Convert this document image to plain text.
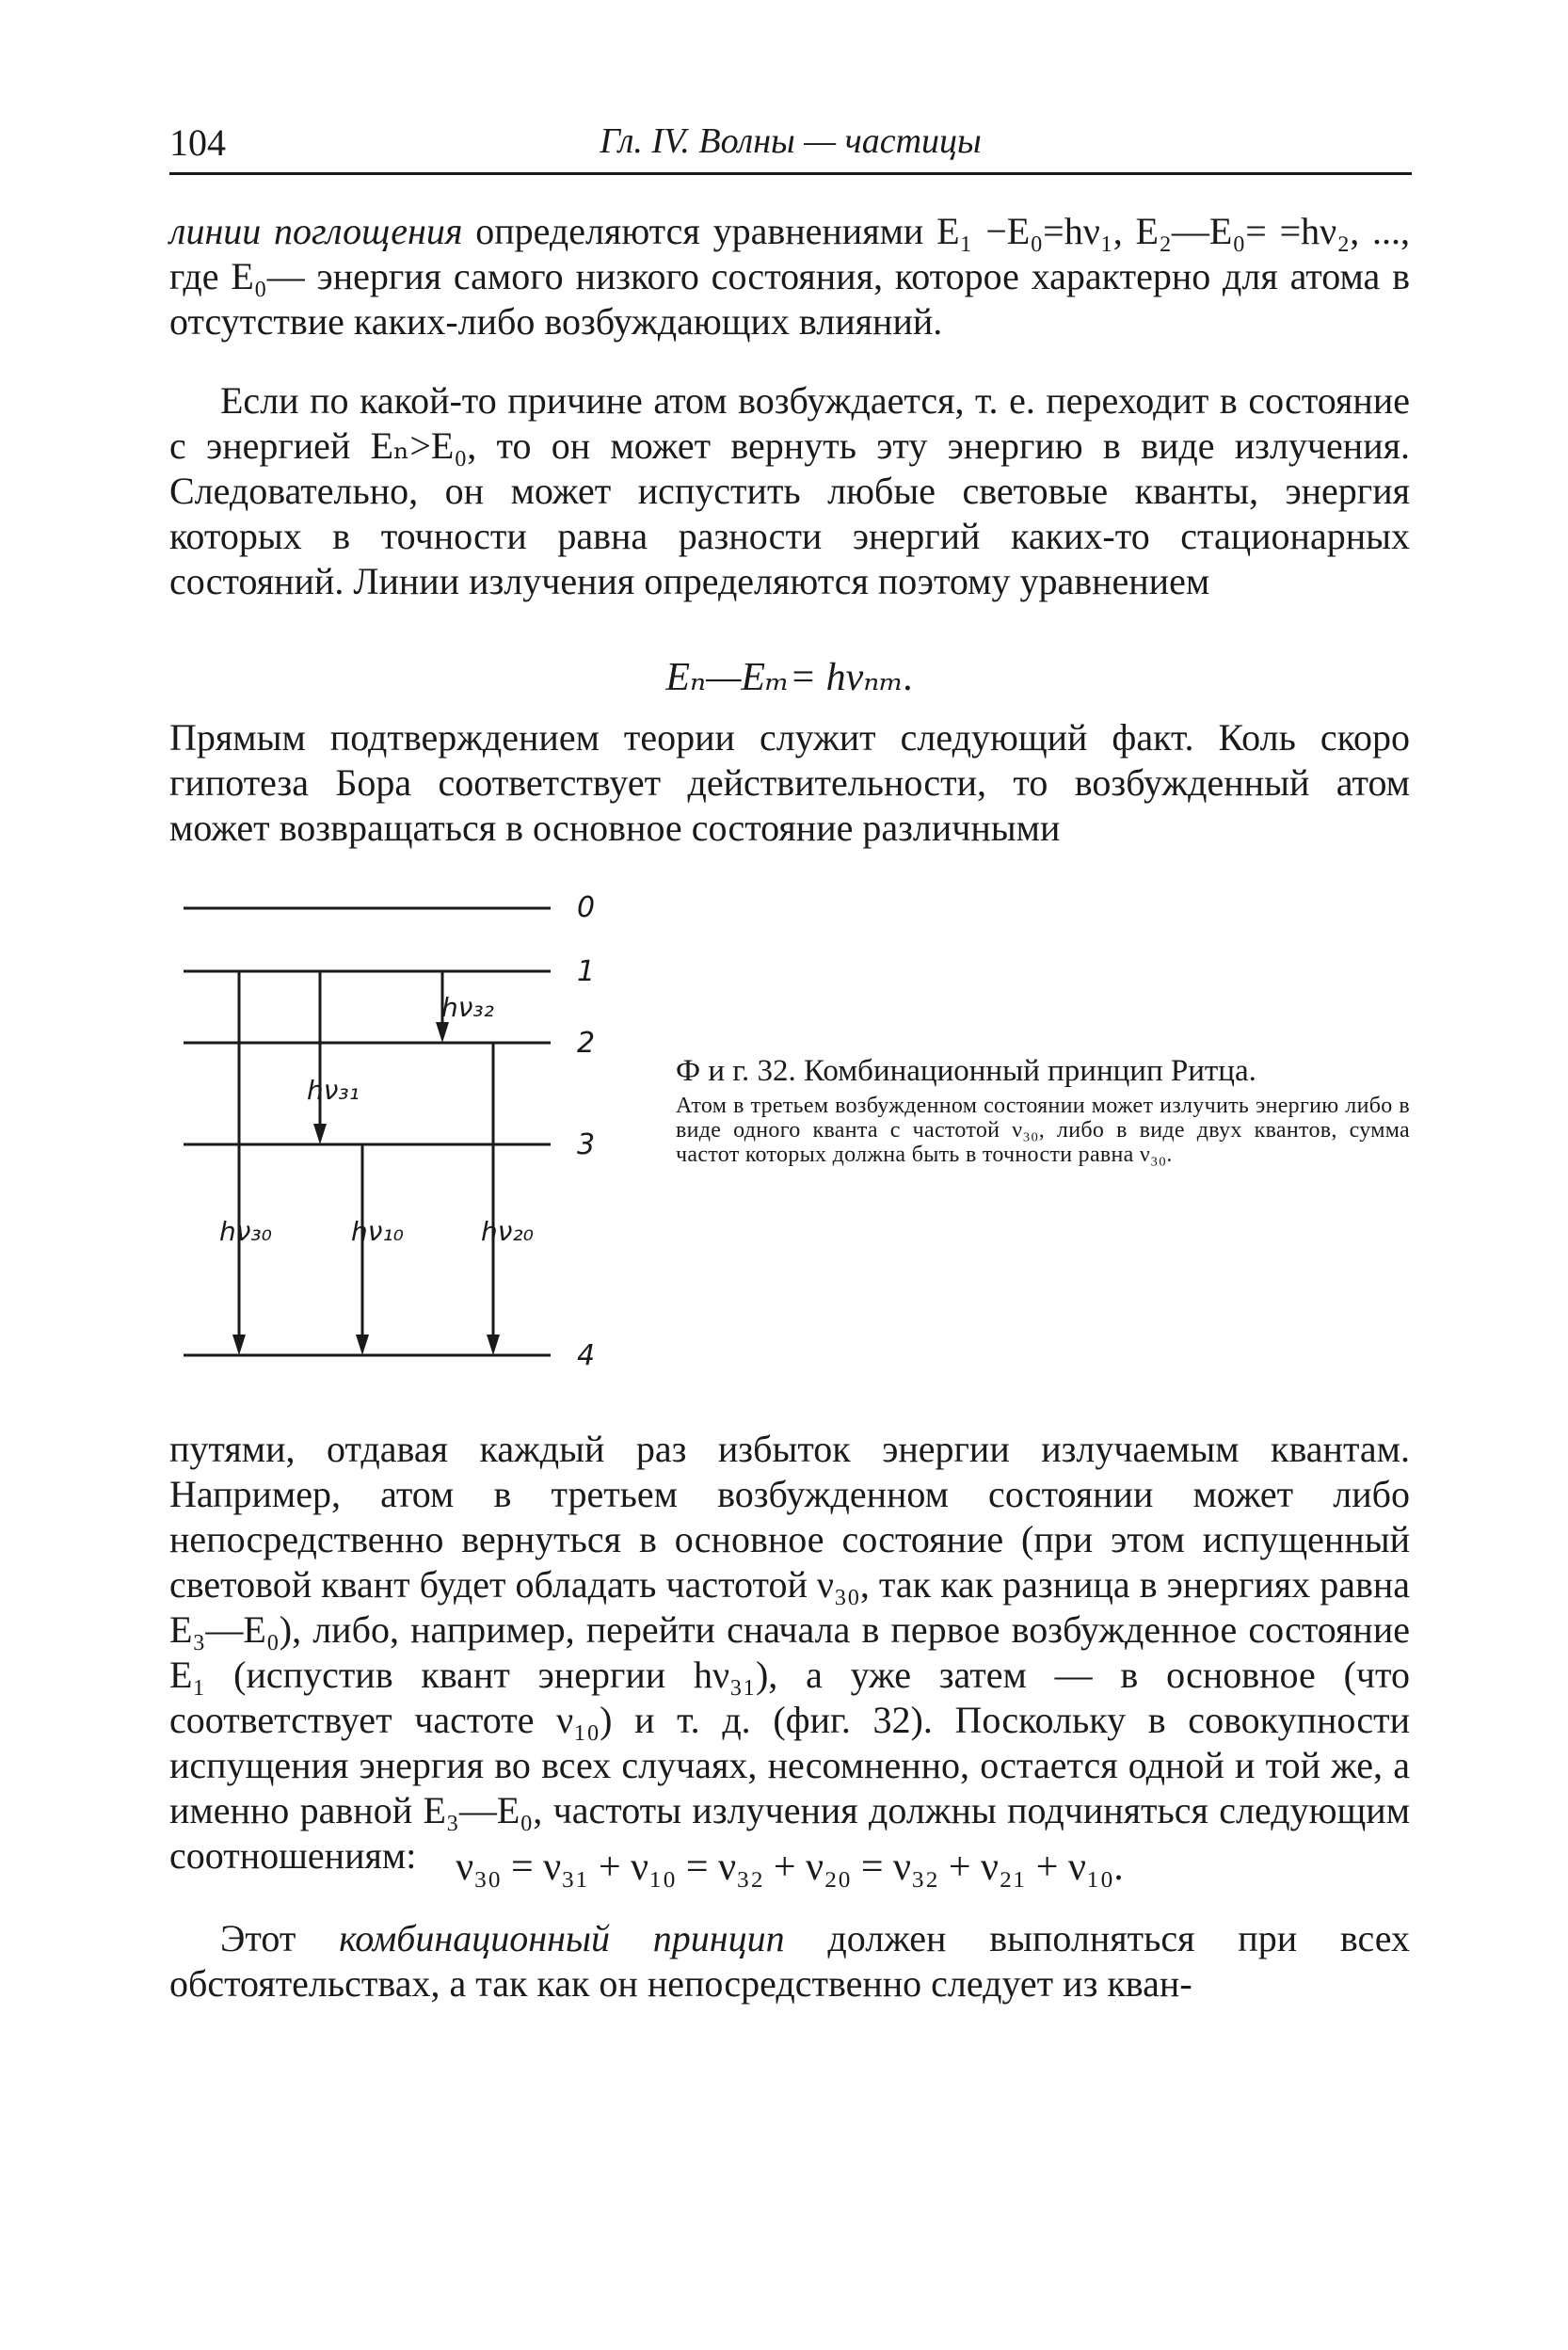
104	Гл. IV. Волны — частицы
линии поглощения определяются уравнениями E₁ −E₀=hν₁, E₂—E₀= =hν₂, ..., где E₀— энергия самого низкого состояния, которое характерно для атома в отсутствие каких-либо возбуждающих влияний.
Если по какой-то причине атом возбуждается, т. е. переходит в состояние с энергией Eₙ>E₀, то он может вернуть эту энергию в виде излучения. Следовательно, он может испустить любые световые кванты, энергия которых в точности равна разности энергий каких-то стационарных состояний. Линии излучения определяются поэтому уравнением
Eₙ—Eₘ= hνₙₘ.
Прямым подтверждением теории служит следующий факт. Коль скоро гипотеза Бора соответствует действительности, то возбужденный атом может возвращаться в основное состояние различными
0
1
2
3
4
hν₃₂
hν₃₁
hν₃₀	hν₁₀	hν₂₀
Ф и г. 32. Комбинационный принцип Ритца.
Атом в третьем возбужденном состоянии может излучить энергию либо в виде одного кванта с частотой ν₃₀, либо в виде двух квантов, сумма частот которых должна быть в точности равна ν₃₀.
путями, отдавая каждый раз избыток энергии излучаемым квантам. Например, атом в третьем возбужденном состоянии может либо непосредственно вернуться в основное состояние (при этом испущенный световой квант будет обладать частотой ν₃₀, так как разница в энергиях равна E₃—E₀), либо, например, перейти сначала в первое возбужденное состояние E₁ (испустив квант энергии hν₃₁), а уже затем — в основное (что соответствует частоте ν₁₀) и т. д. (фиг. 32). Поскольку в совокупности испущения энергия во всех случаях, несомненно, остается одной и той же, а именно равной E₃—E₀, частоты излучения должны подчиняться следующим соотношениям: ν₃₀ = ν₃₁ + ν₁₀ = ν₃₂ + ν₂₀ = ν₃₂ + ν₂₁ + ν₁₀.
Этот комбинационный принцип должен выполняться при всех обстоятельствах, а так как он непосредственно следует из кван-
